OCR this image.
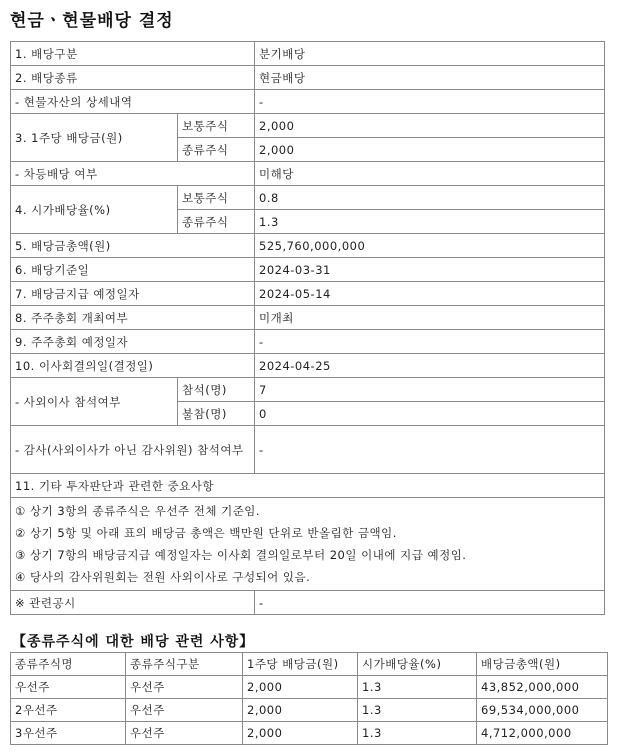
현금ㆍ현물배당 결정
1. 배당구분		분기배당
2. 배당종류		현금배당
- 현물자산의 상세내역		-
3. 1주당 배당금(원)	보통주식	2,000
	종류주식	2,000
- 차등배당 여부		미해당
4. 시가배당율(%)	보통주식	0.8
	종류주식	1.3
5. 배당금총액(원)		525,760,000,000
6. 배당기준일		2024-03-31
7. 배당금지급 예정일자		2024-05-14
8. 주주총회 개최여부		미개최
9. 주주총회 예정일자		-
10. 이사회결의일(결정일)		2024-04-25
- 사외이사 참석여부	참석(명)	7
	불참(명)	0
- 감사(사외이사가 아닌 감사위원) 참석여부		-
11. 기타 투자판단과 관련한 중요사항		

① 상기 3항의 종류주식은 우선주 전체 기준임.
② 상기 5항 및 아래 표의 배당금 총액은 백만원 단위로 반올림한 금액임.
③ 상기 7항의 배당금지급 예정일자는 이사회 결의일로부터 20일 이내에 지급 예정임.
④ 당사의 감사위원회는 전원 사외이사로 구성되어 있음.		

※ 관련공시		-
【종류주식에 대한 배당 관련 사항】
종류주식명	종류주식구분	1주당 배당금(원)	시가배당율(%)	배당금총액(원)
우선주	우선주	2,000	1.3	43,852,000,000
2우선주	우선주	2,000	1.3	69,534,000,000
3우선주	우선주	2,000	1.3	4,712,000,000
